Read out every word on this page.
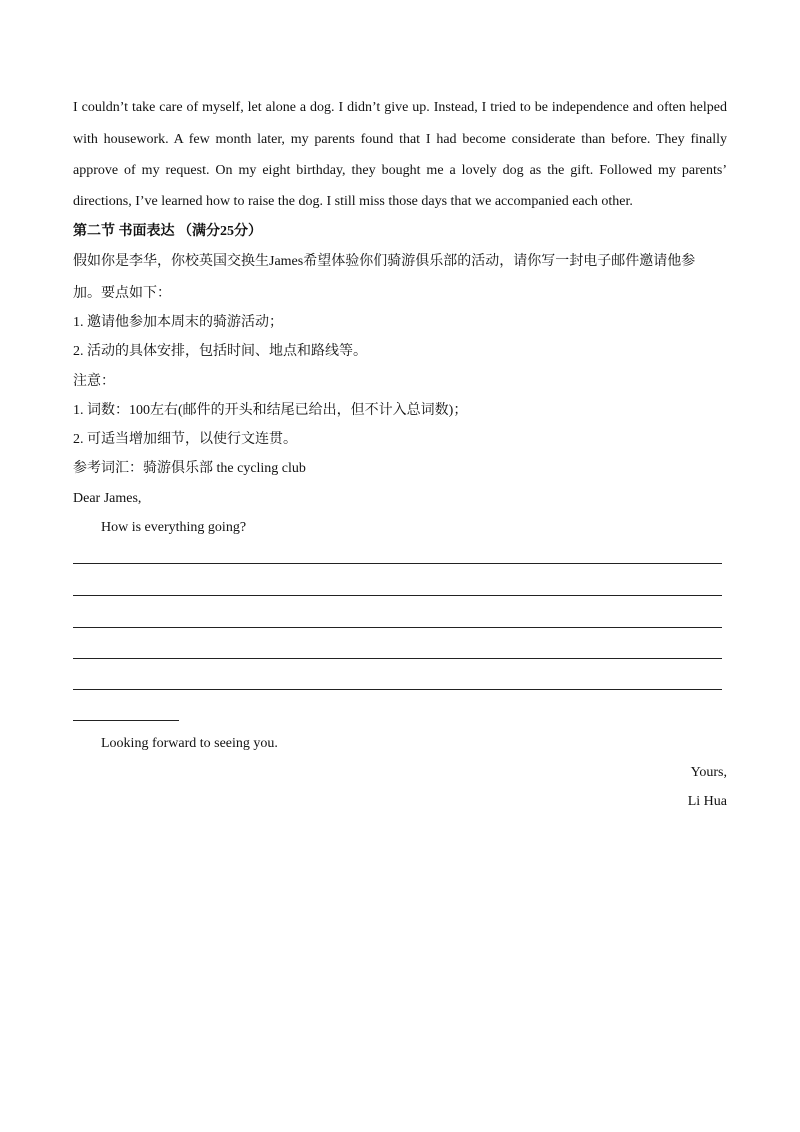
I couldn’t take care of myself, let alone a dog. I didn’t give up. Instead, I tried to be independence and often helped
with housework. A few month later, my parents found that I had become considerate than before. They finally
approve of my request. On my eight birthday, they bought me a lovely dog as the gift. Followed my parents’
directions, I’ve learned how to raise the dog. I still miss those days that we accompanied each other.
第二节 书面表达 （满分25分）
假如你是李华，你校英国交换生James希望体验你们骑游俱乐部的活动，请你写一封电子邮件邀请他参
加。要点如下：
1. 邀请他参加本周末的骑游活动；
2. 活动的具体安排，包括时间、地点和路线等。
注意：
1. 词数：100左右(邮件的开头和结尾已给出，但不计入总词数)；
2. 可适当增加细节，以使行文连贯。
参考词汇：骑游俱乐部 the cycling club
Dear James,
How is everything going?
Looking forward to seeing you.
Yours,
Li Hua
